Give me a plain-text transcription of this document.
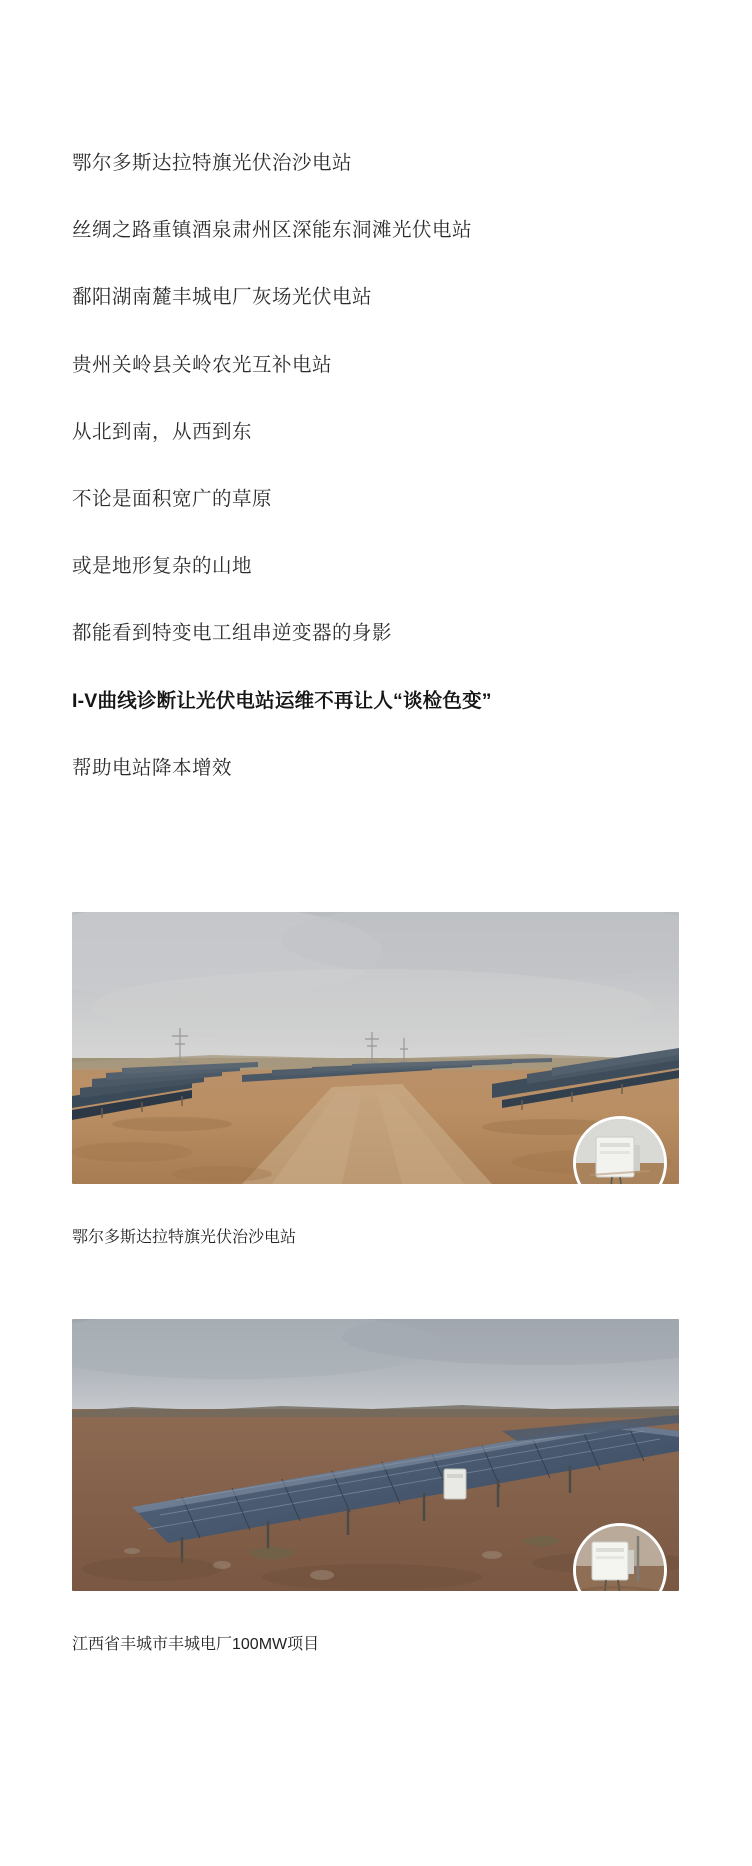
鄂尔多斯达拉特旗光伏治沙电站

丝绸之路重镇酒泉肃州区深能东洞滩光伏电站

鄱阳湖南麓丰城电厂灰场光伏电站

贵州关岭县关岭农光互补电站

从北到南，从西到东

不论是面积宽广的草原

或是地形复杂的山地

都能看到特变电工组串逆变器的身影

I-V曲线诊断让光伏电站运维不再让人“谈检色变”

帮助电站降本增效

鄂尔多斯达拉特旗光伏治沙电站

江西省丰城市丰城电厂100MW项目
